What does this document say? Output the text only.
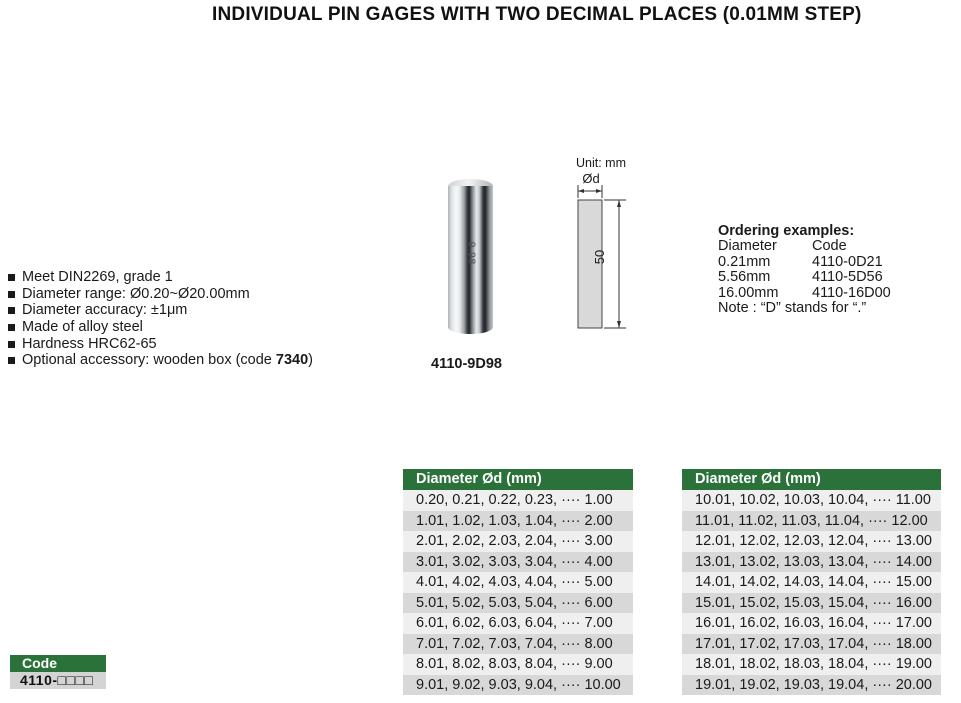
INDIVIDUAL PIN GAGES WITH TWO DECIMAL PLACES (0.01MM STEP)
Meet DIN2269, grade 1
Diameter range: Ø0.20~Ø20.00mm
Diameter accuracy: ±1μm
Made of alloy steel
Hardness HRC62-65
Optional accessory: wooden box (code 7340)
9.98
4110-9D98
Unit: mm
Ød
50
Ordering examples:
Diameter Code
0.21mm	4110-0D21
5.56mm	4110-5D56
16.00mm 4110-16D00
Note : “D” stands for “.”
Code
4110-□□□□
Diameter Ød (mm)
0.20, 0.21, 0.22, 0.23, ···· 1.00
1.01, 1.02, 1.03, 1.04, ···· 2.00
2.01, 2.02, 2.03, 2.04, ···· 3.00
3.01, 3.02, 3.03, 3.04, ···· 4.00
4.01, 4.02, 4.03, 4.04, ···· 5.00
5.01, 5.02, 5.03, 5.04, ···· 6.00
6.01, 6.02, 6.03, 6.04, ···· 7.00
7.01, 7.02, 7.03, 7.04, ···· 8.00
8.01, 8.02, 8.03, 8.04, ···· 9.00
9.01, 9.02, 9.03, 9.04, ···· 10.00
Diameter Ød (mm)
10.01, 10.02, 10.03, 10.04, ···· 11.00
11.01, 11.02, 11.03, 11.04, ···· 12.00
12.01, 12.02, 12.03, 12.04, ···· 13.00
13.01, 13.02, 13.03, 13.04, ···· 14.00
14.01, 14.02, 14.03, 14.04, ···· 15.00
15.01, 15.02, 15.03, 15.04, ···· 16.00
16.01, 16.02, 16.03, 16.04, ···· 17.00
17.01, 17.02, 17.03, 17.04, ···· 18.00
18.01, 18.02, 18.03, 18.04, ···· 19.00
19.01, 19.02, 19.03, 19.04, ···· 20.00
